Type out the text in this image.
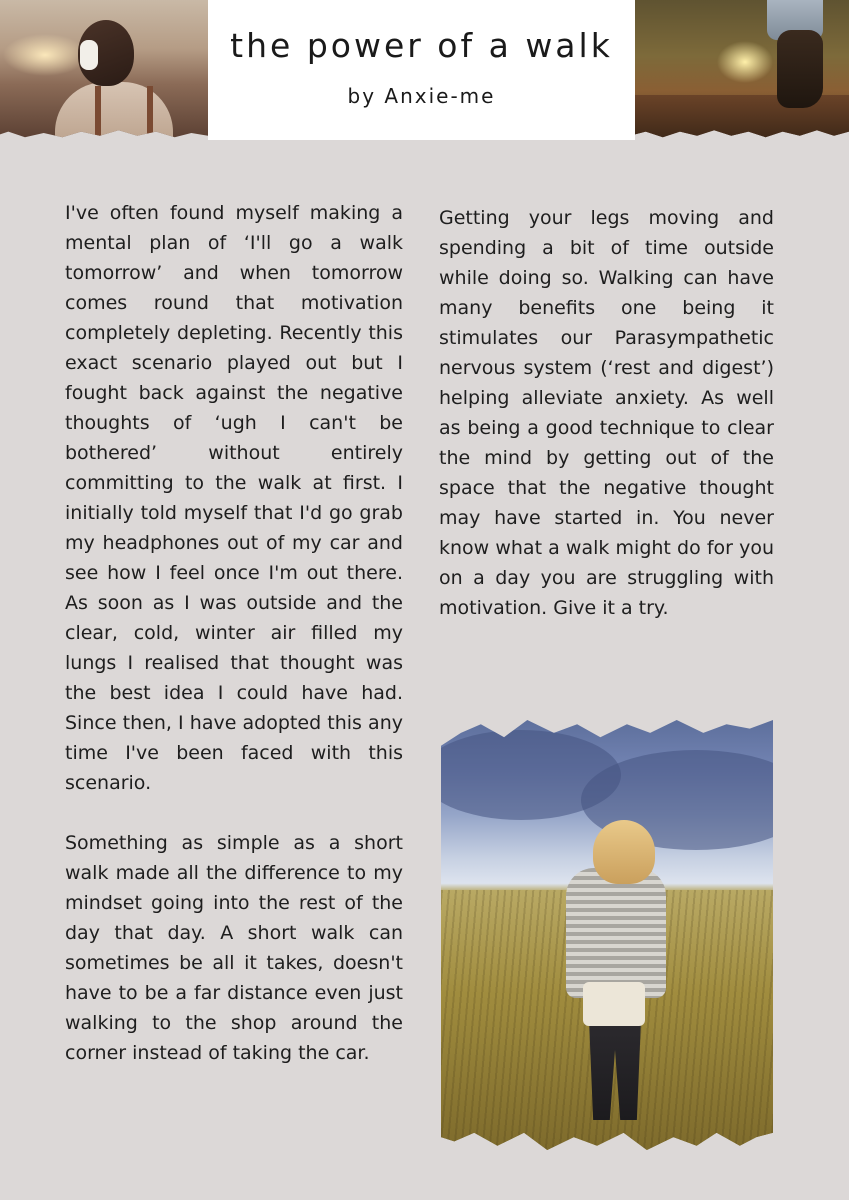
the power of a walk
by Anxie-me

I've often found myself making a mental plan of ‘I'll go a walk tomorrow’ and when tomorrow comes round that motivation completely depleting. Recently this exact scenario played out but I fought back against the negative thoughts of ‘ugh I can't be bothered’ without entirely committing to the walk at first. I initially told myself that I'd go grab my headphones out of my car and see how I feel once I'm out there. As soon as I was outside and the clear, cold, winter air filled my lungs I realised that thought was the best idea I could have had. Since then, I have adopted this any time I've been faced with this scenario.

Something as simple as a short walk made all the difference to my mindset going into the rest of the day that day. A short walk can sometimes be all it takes, doesn't have to be a far distance even just walking to the shop around the corner instead of taking the car.

Getting your legs moving and spending a bit of time outside while doing so. Walking can have many benefits one being it stimulates our Parasympathetic nervous system (‘rest and digest’) helping alleviate anxiety. As well as being a good technique to clear the mind by getting out of the space that the negative thought may have started in. You never know what a walk might do for you on a day you are struggling with motivation. Give it a try.
